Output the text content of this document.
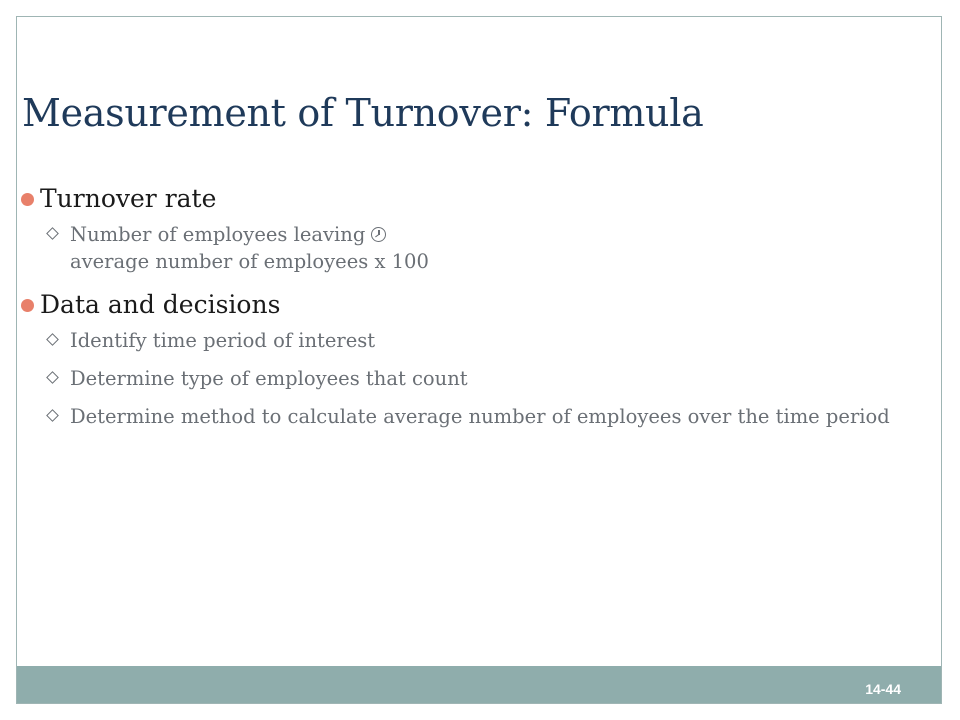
Measurement of Turnover: Formula
Turnover rate
Number of employees leaving
average number of employees x 100
Data and decisions
Identify time period of interest
Determine type of employees that count
Determine method to calculate average number of employees over the time period

14-44
